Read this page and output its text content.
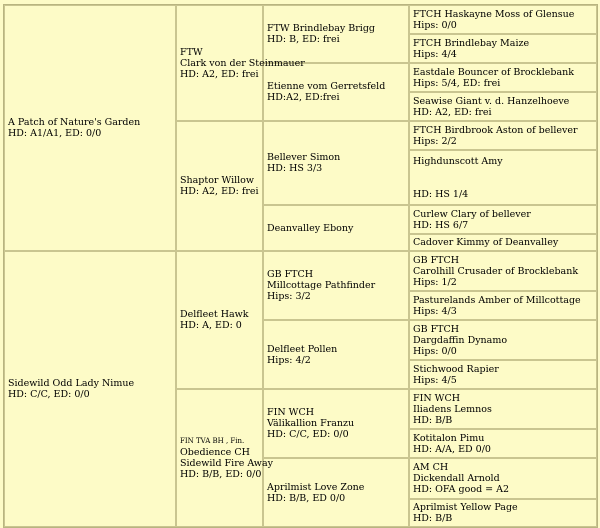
A Patch of Nature's Garden
HD: A1/A1, ED: 0/0	FTW
Clark von der Steinmauer
HD: A2, ED: frei	FTW Brindlebay Brigg
HD: B, ED: frei	FTCH Haskayne Moss of Glensue
Hips: 0/0

			FTCH Brindlebay Maize
Hips: 4/4

		Etienne vom Gerretsfeld
HD:A2, ED:frei	Eastdale Bouncer of Brocklebank
Hips: 5/4, ED: frei

			Seawise Giant v. d. Hanzelhoeve
HD: A2, ED: frei

	Shaptor Willow
HD: A2, ED: frei	Bellever Simon
HD: HS 3/3	FTCH Birdbrook Aston of bellever
Hips: 2/2

			Highdunscott Amy

HD: HS 1/4

		Deanvalley Ebony	Curlew Clary of bellever
HD: HS 6/7

			Cadover Kimmy of Deanvalley

Sidewild Odd Lady Nimue
HD: C/C, ED: 0/0	Delfleet Hawk
HD: A, ED: 0	GB FTCH
Millcottage Pathfinder
Hips: 3/2	GB FTCH
Carolhill Crusader of Brocklebank
Hips: 1/2

			Pasturelands Amber of Millcottage
Hips: 4/3

		Delfleet Pollen
Hips: 4/2	GB FTCH
Dargdaffin Dynamo
Hips: 0/0

			Stichwood Rapier
Hips: 4/5

	FIN TVA BH , Fin.
Obedience CH
Sidewild Fire Away
HD: B/B, ED: 0/0	FIN WCH
Välikallion Franzu
HD: C/C, ED: 0/0	FIN WCH
Iliadens Lemnos
HD: B/B

			Kotitalon Pimu
HD: A/A, ED 0/0

		Aprilmist Love Zone
HD: B/B, ED 0/0	AM CH
Dickendall Arnold
HD: OFA good = A2

			Aprilmist Yellow Page
HD: B/B
